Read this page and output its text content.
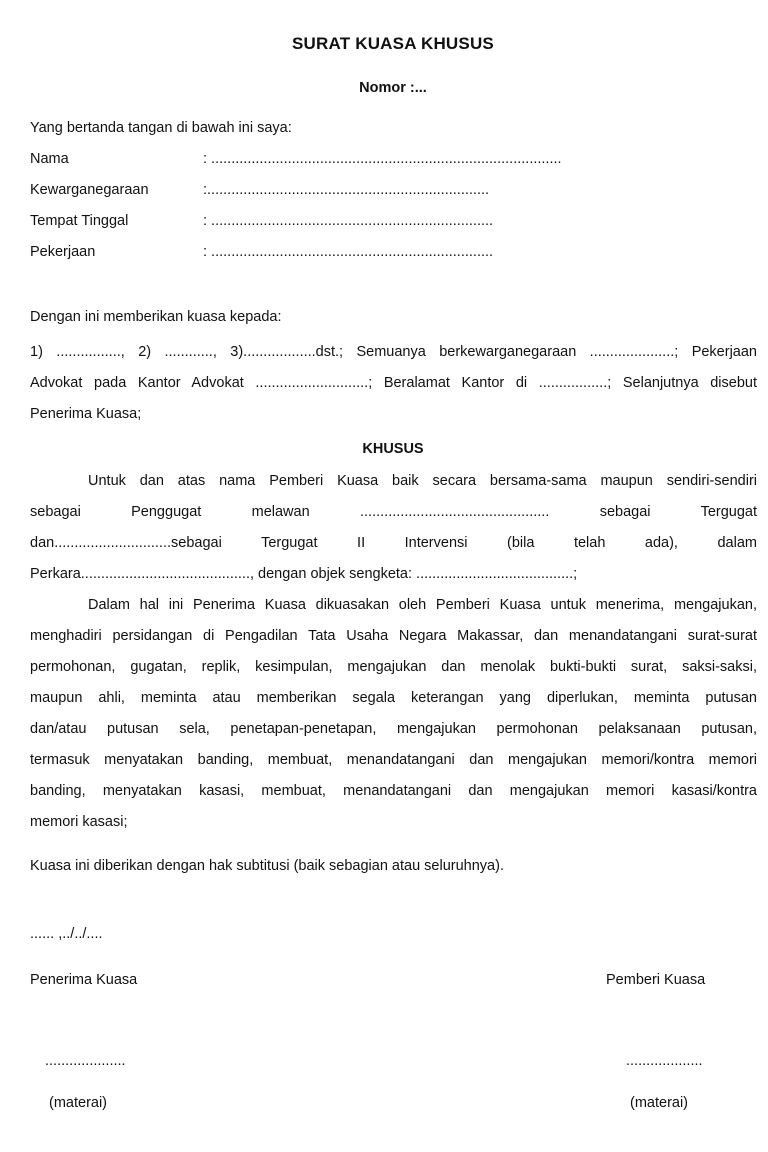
SURAT KUASA KHUSUS
Nomor :...
Yang bertanda tangan di bawah ini saya:
Nama	: .......................................................................................
Kewarganegaraan	:......................................................................
Tempat Tinggal	: ......................................................................
Pekerjaan	: ......................................................................
Dengan ini memberikan kuasa kepada:
1) ................, 2) ............, 3)..................dst.; Semuanya berkewarganegaraan .....................; Pekerjaan
Advokat pada Kantor Advokat ............................; Beralamat Kantor di .................; Selanjutnya disebut
Penerima Kuasa;
KHUSUS
Untuk dan atas nama Pemberi Kuasa baik secara bersama-sama maupun sendiri-sendiri
sebagai Penggugat melawan ............................................... sebagai Tergugat
dan.............................sebagai Tergugat II Intervensi (bila telah ada), dalam
Perkara.........................................., dengan objek sengketa: .......................................;
Dalam hal ini Penerima Kuasa dikuasakan oleh Pemberi Kuasa untuk menerima, mengajukan,
menghadiri persidangan di Pengadilan Tata Usaha Negara Makassar, dan menandatangani surat-surat
permohonan, gugatan, replik, kesimpulan, mengajukan dan menolak bukti-bukti surat, saksi-saksi,
maupun ahli, meminta atau memberikan segala keterangan yang diperlukan, meminta putusan
dan/atau putusan sela, penetapan-penetapan, mengajukan permohonan pelaksanaan putusan,
termasuk menyatakan banding, membuat, menandatangani dan mengajukan memori/kontra memori
banding, menyatakan kasasi, membuat, menandatangani dan mengajukan memori kasasi/kontra
memori kasasi;
Kuasa ini diberikan dengan hak subtitusi (baik sebagian atau seluruhnya).
...... ,../../....
Penerima Kuasa	Pemberi Kuasa
....................	...................
(materai)	(materai)
